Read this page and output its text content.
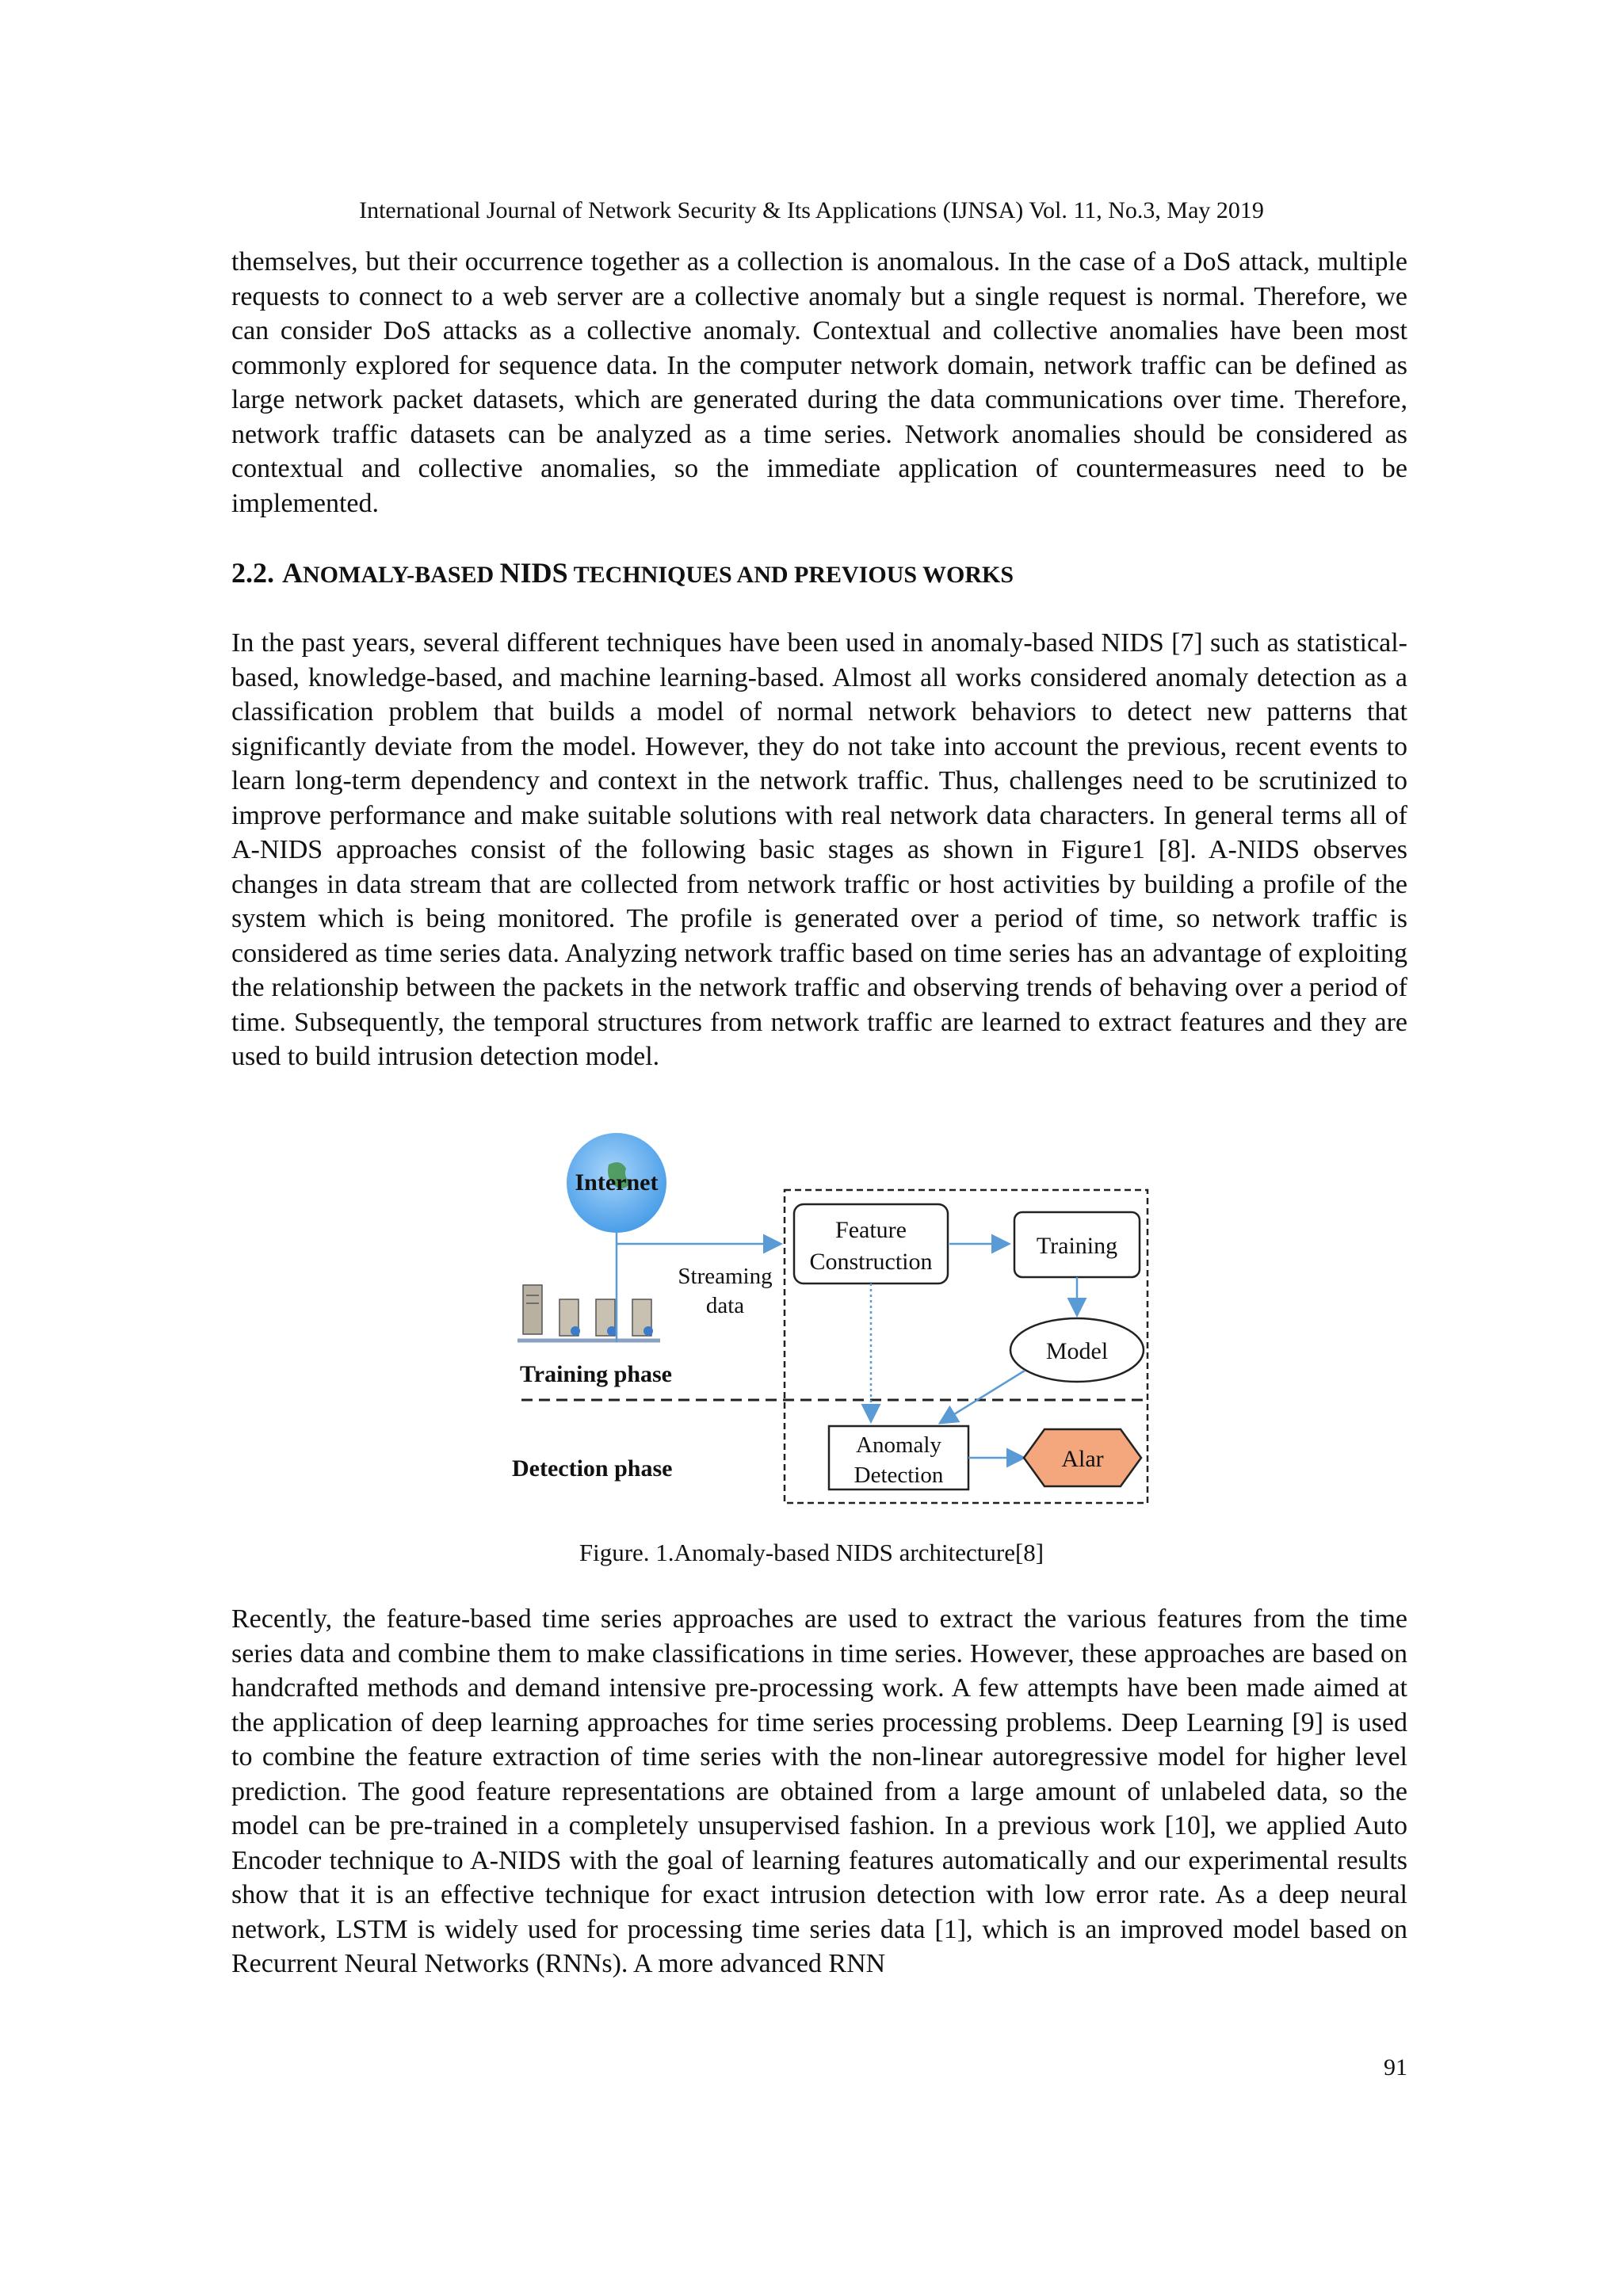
International Journal of Network Security & Its Applications (IJNSA) Vol. 11, No.3, May 2019

themselves, but their occurrence together as a collection is anomalous. In the case of a DoS attack, multiple requests to connect to a web server are a collective anomaly but a single request is normal. Therefore, we can consider DoS attacks as a collective anomaly. Contextual and collective anomalies have been most commonly explored for sequence data. In the computer network domain, network traffic can be defined as large network packet datasets, which are generated during the data communications over time. Therefore, network traffic datasets can be analyzed as a time series. Network anomalies should be considered as contextual and collective anomalies, so the immediate application of countermeasures need to be implemented.

2.2. ANOMALY-BASED NIDS TECHNIQUES AND PREVIOUS WORKS

In the past years, several different techniques have been used in anomaly-based NIDS [7] such as statistical-based, knowledge-based, and machine learning-based. Almost all works considered anomaly detection as a classification problem that builds a model of normal network behaviors to detect new patterns that significantly deviate from the model. However, they do not take into account the previous, recent events to learn long-term dependency and context in the network traffic. Thus, challenges need to be scrutinized to improve performance and make suitable solutions with real network data characters. In general terms all of A-NIDS approaches consist of the following basic stages as shown in Figure1 [8]. A-NIDS observes changes in data stream that are collected from network traffic or host activities by building a profile of the system which is being monitored. The profile is generated over a period of time, so network traffic is considered as time series data. Analyzing network traffic based on time series has an advantage of exploiting the relationship between the packets in the network traffic and observing trends of behaving over a period of time. Subsequently, the temporal structures from network traffic are learned to extract features and they are used to build intrusion detection model.

Internet
Streaming
data
Training phase
Detection phase
Feature
Construction
Training
Model
Anomaly
Detection
Alar
Figure. 1.Anomaly-based NIDS architecture[8]

Recently, the feature-based time series approaches are used to extract the various features from the time series data and combine them to make classifications in time series. However, these approaches are based on handcrafted methods and demand intensive pre-processing work. A few attempts have been made aimed at the application of deep learning approaches for time series processing problems. Deep Learning [9] is used to combine the feature extraction of time series with the non-linear autoregressive model for higher level prediction. The good feature representations are obtained from a large amount of unlabeled data, so the model can be pre-trained in a completely unsupervised fashion. In a previous work [10], we applied Auto Encoder technique to A-NIDS with the goal of learning features automatically and our experimental results show that it is an effective technique for exact intrusion detection with low error rate. As a deep neural network, LSTM is widely used for processing time series data [1], which is an improved model based on Recurrent Neural Networks (RNNs). A more advanced RNN

91
